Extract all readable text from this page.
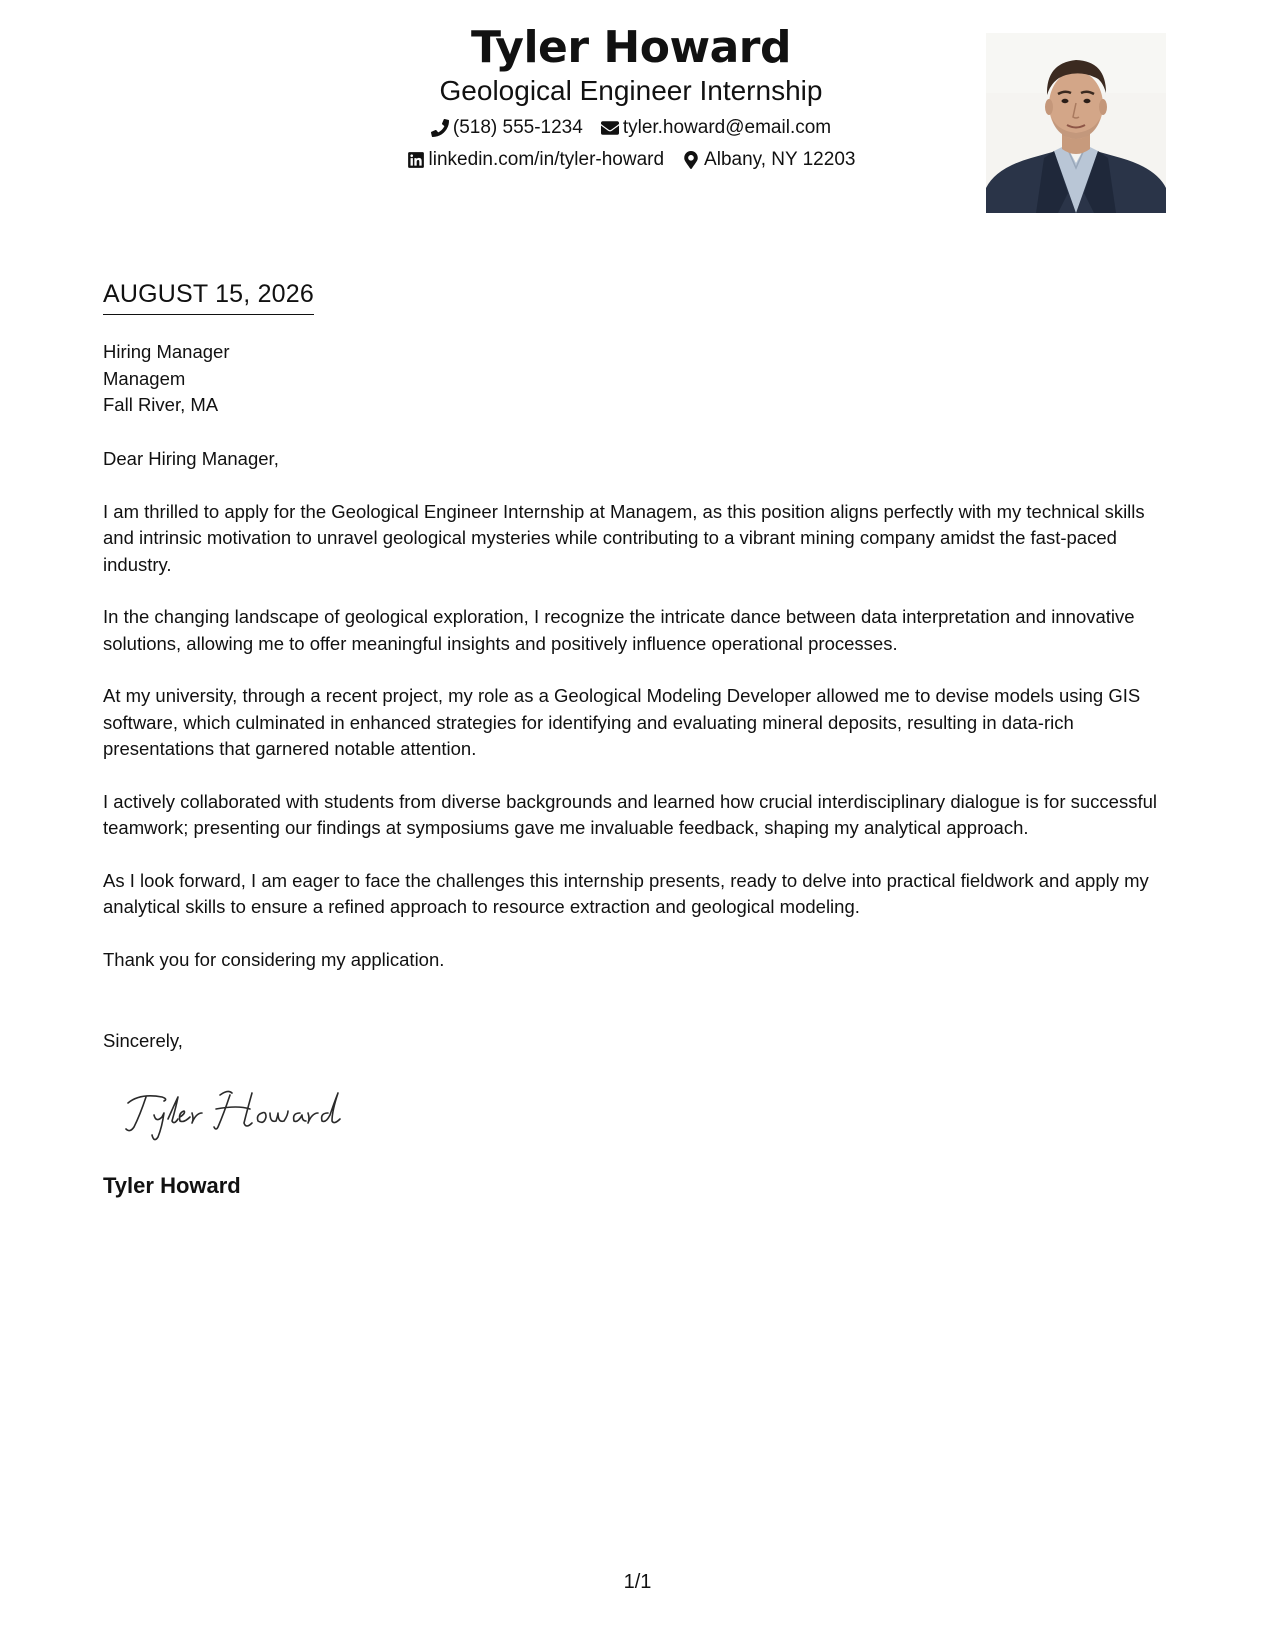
Tyler Howard
Geological Engineer Internship
(518) 555-1234 tyler.howard@email.com
linkedin.com/in/tyler-howard Albany, NY 12203
AUGUST 15, 2026
Hiring Manager
Managem
Fall River, MA

Dear Hiring Manager,

I am thrilled to apply for the Geological Engineer Internship at Managem, as this position aligns perfectly with my technical skills and intrinsic motivation to unravel geological mysteries while contributing to a vibrant mining company amidst the fast-paced industry.

In the changing landscape of geological exploration, I recognize the intricate dance between data interpretation and innovative solutions, allowing me to offer meaningful insights and positively influence operational processes.

At my university, through a recent project, my role as a Geological Modeling Developer allowed me to devise models using GIS software, which culminated in enhanced strategies for identifying and evaluating mineral deposits, resulting in data-rich presentations that garnered notable attention.

I actively collaborated with students from diverse backgrounds and learned how crucial interdisciplinary dialogue is for successful teamwork; presenting our findings at symposiums gave me invaluable feedback, shaping my analytical approach.

As I look forward, I am eager to face the challenges this internship presents, ready to delve into practical fieldwork and apply my analytical skills to ensure a refined approach to resource extraction and geological modeling.

Thank you for considering my application.

Sincerely,
Tyler Howard
1/1
